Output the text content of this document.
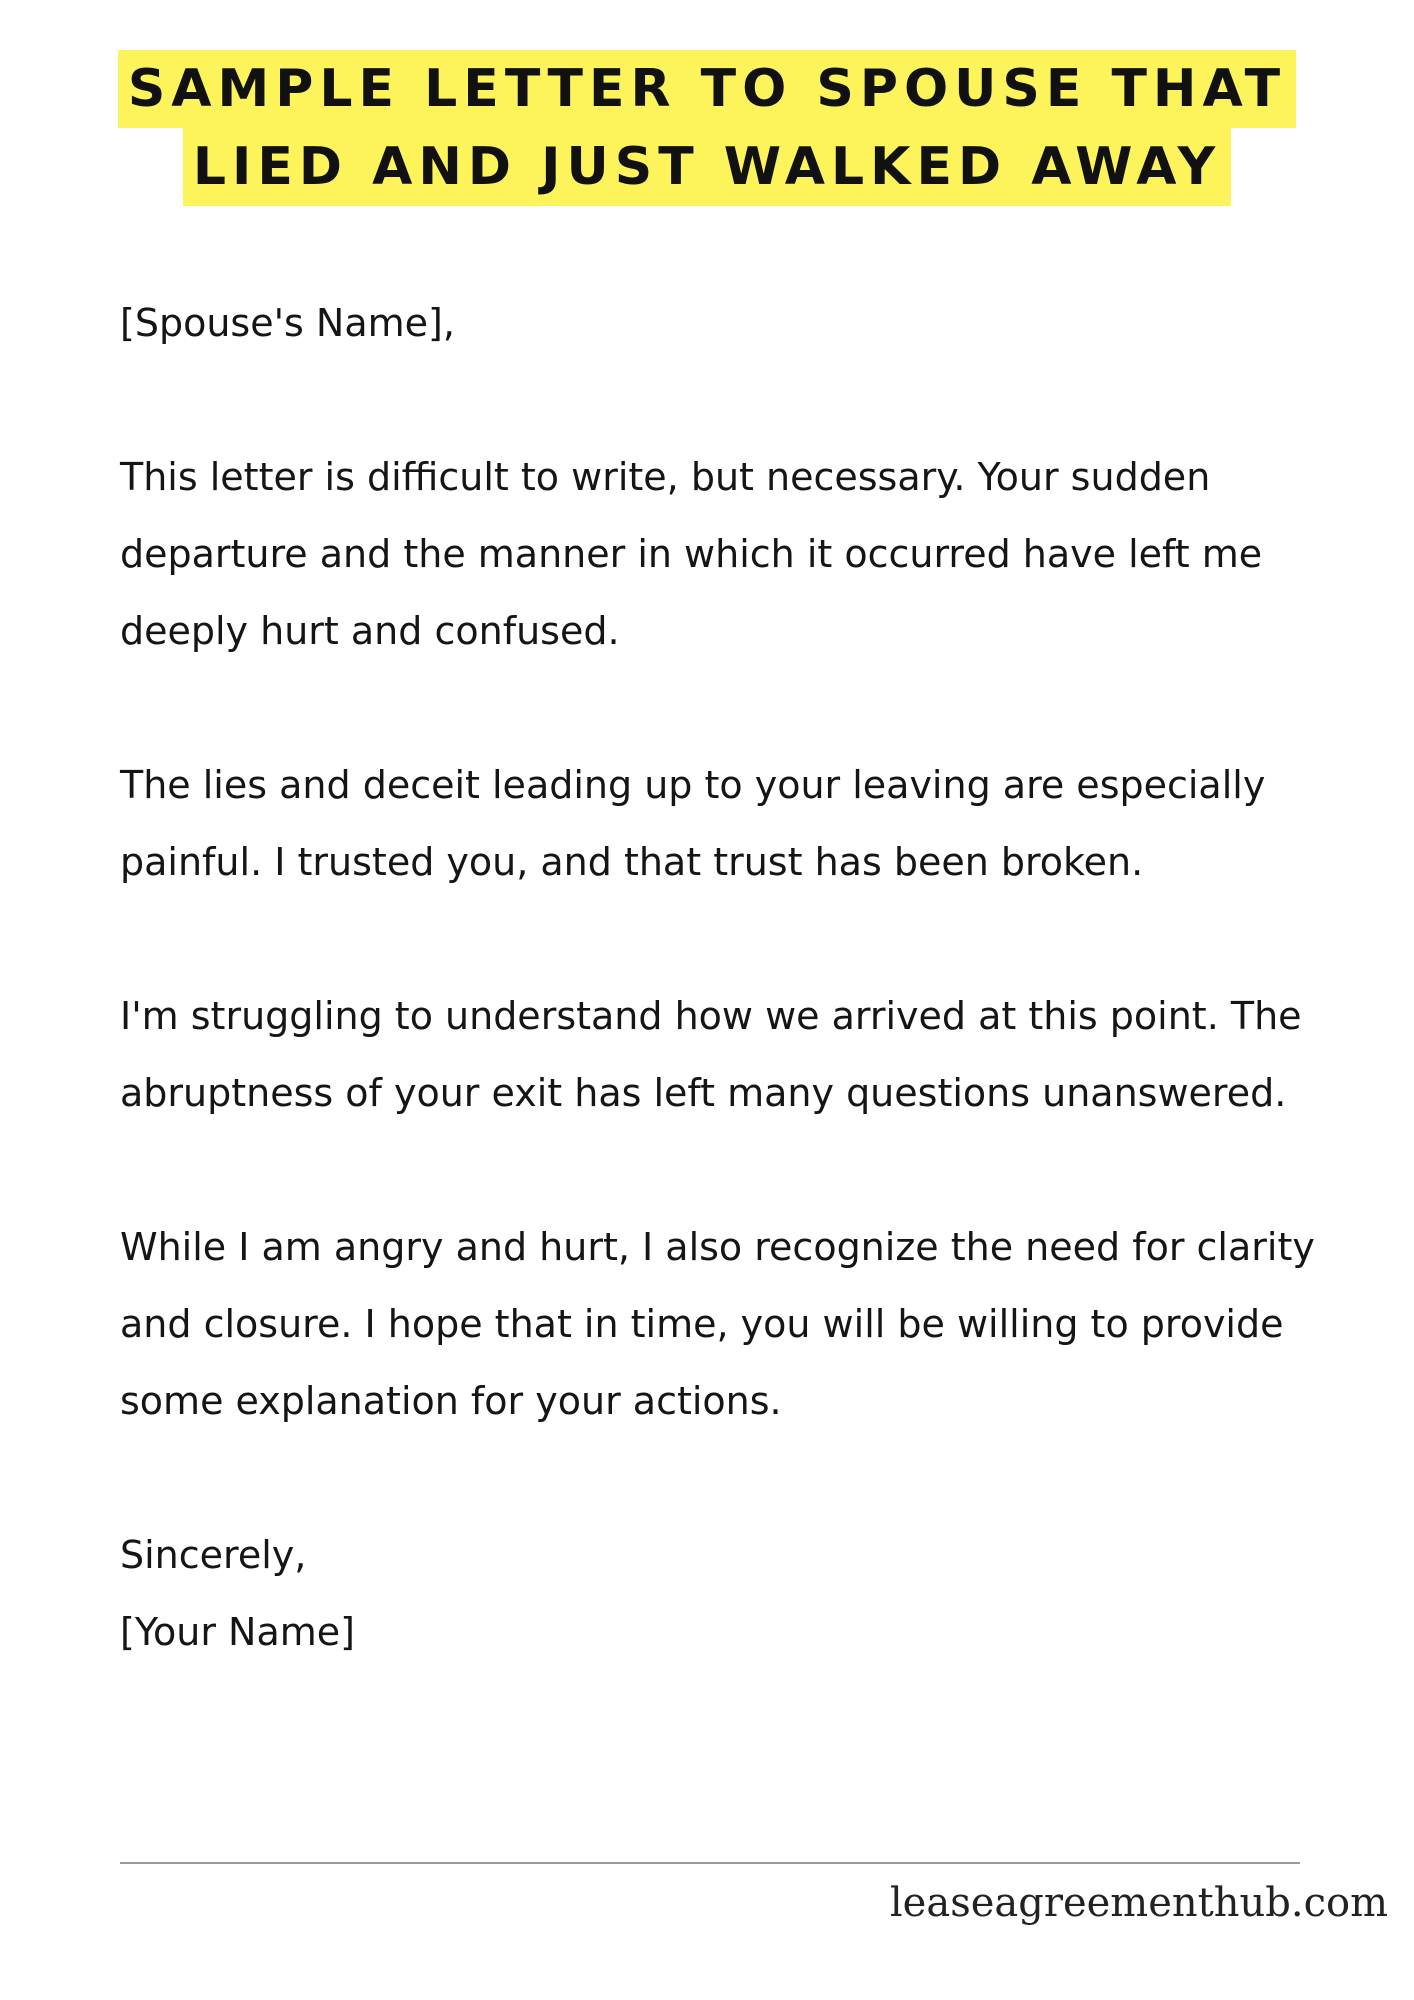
SAMPLE LETTER TO SPOUSE THAT
LIED AND JUST WALKED AWAY

[Spouse's Name],

This letter is difficult to write, but necessary. Your sudden departure and the manner in which it occurred have left me deeply hurt and confused.

The lies and deceit leading up to your leaving are especially painful. I trusted you, and that trust has been broken.

I'm struggling to understand how we arrived at this point. The abruptness of your exit has left many questions unanswered.

While I am angry and hurt, I also recognize the need for clarity and closure. I hope that in time, you will be willing to provide some explanation for your actions.

Sincerely,
[Your Name]
leaseagreementhub.com
